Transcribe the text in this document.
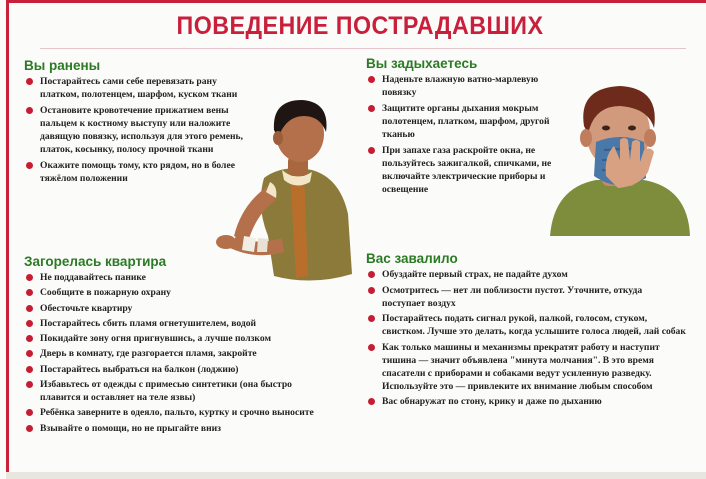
ПОВЕДЕНИЕ ПОСТРАДАВШИХ
Вы ранены
Постарайтесь сами себе перевязать рану платком, полотенцем, шарфом, куском ткани
Остановите кровотечение прижатием вены пальцем к костному выступу или наложите давящую повязку, используя для этого ремень, платок, косынку, полосу прочной ткани
Окажите помощь тому, кто рядом, но в более тяжёлом положении
Вы задыхаетесь
Наденьте влажную ватно-марлевую повязку
Защитите органы дыхания мокрым полотенцем, платком, шарфом, другой тканью
При запахе газа раскройте окна, не пользуйтесь зажигалкой, спичками, не включайте электрические приборы и освещение
Загорелась квартира
Не поддавайтесь панике
Сообщите в пожарную охрану
Обесточьте квартиру
Постарайтесь сбить пламя огнетушителем, водой
Покидайте зону огня пригнувшись, а лучше ползком
Дверь в комнату, где разгорается пламя, закройте
Постарайтесь выбраться на балкон (лоджию)
Избавьтесь от одежды с примесью синтетики (она быстро плавится и оставляет на теле язвы)
Ребёнка заверните в одеяло, пальто, куртку и срочно выносите
Взывайте о помощи, но не прыгайте вниз
Вас завалило
Обуздайте первый страх, не падайте духом
Осмотритесь — нет ли поблизости пустот. Уточните, откуда поступает воздух
Постарайтесь подать сигнал рукой, палкой, голосом, стуком, свистком. Лучше это делать, когда услышите голоса людей, лай собак
Как только машины и механизмы прекратят работу и наступит тишина — значит объявлена "минута молчания". В это время спасатели с приборами и собаками ведут усиленную разведку. Используйте это — привлеките их внимание любым способом
Вас обнаружат по стону, крику и даже по дыханию
